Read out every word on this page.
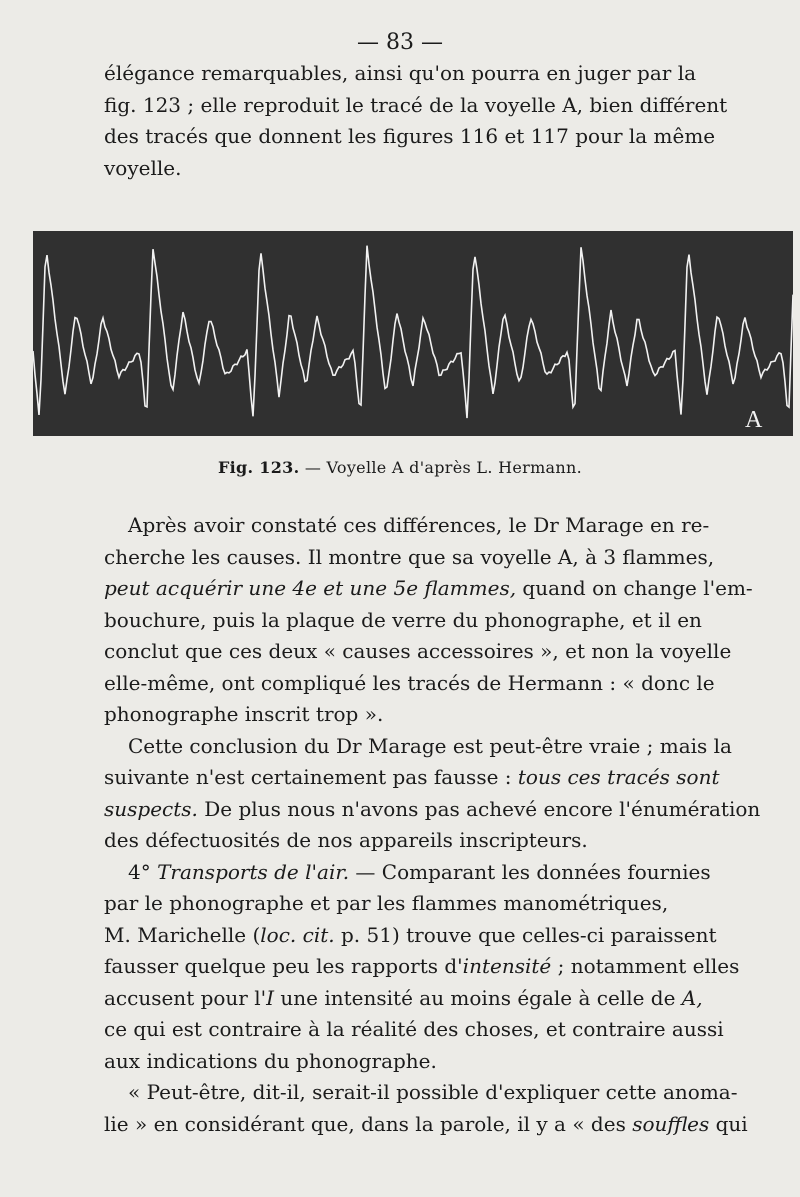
— 83 —
élégance remarquables, ainsi qu'on pourra en juger par la
fig. 123 ; elle reproduit le tracé de la voyelle A, bien différent
des tracés que donnent les figures 116 et 117 pour la même
voyelle.
A
Fig. 123. — Voyelle A d'après L. Hermann.
Après avoir constaté ces différences, le Dr Marage en re-
cherche les causes. Il montre que sa voyelle A, à 3 flammes,
peut acquérir une 4e et une 5e flammes, quand on change l'em-
bouchure, puis la plaque de verre du phonographe, et il en
conclut que ces deux « causes accessoires », et non la voyelle
elle-même, ont compliqué les tracés de Hermann : « donc le
phonographe inscrit trop ».
Cette conclusion du Dr Marage est peut-être vraie ; mais la
suivante n'est certainement pas fausse : tous ces tracés sont
suspects. De plus nous n'avons pas achevé encore l'énumération
des défectuosités de nos appareils inscripteurs.
4° Transports de l'air. — Comparant les données fournies
par le phonographe et par les flammes manométriques,
M. Marichelle (loc. cit. p. 51) trouve que celles-ci paraissent
fausser quelque peu les rapports d'intensité ; notamment elles
accusent pour l'I une intensité au moins égale à celle de A,
ce qui est contraire à la réalité des choses, et contraire aussi
aux indications du phonographe.
« Peut-être, dit-il, serait-il possible d'expliquer cette anoma-
lie » en considérant que, dans la parole, il y a « des souffles qui
